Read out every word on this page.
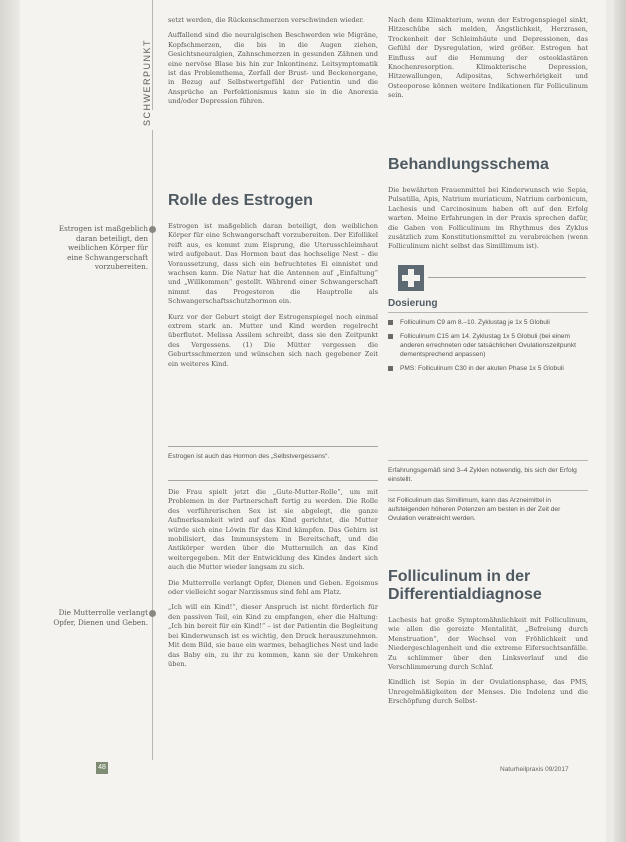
SCHWERPUNKT
Estrogen ist maßgeblich daran beteiligt, den weiblichen Körper für eine Schwangerschaft vorzubereiten.
Die Mutterrolle verlangt Opfer, Dienen und Geben.

setzt werden, die Rückenschmerzen verschwinden wieder.

Auffallend sind die neuralgischen Beschwerden wie Migräne, Kopfschmerzen, die bis in die Augen ziehen, Gesichtsneuralgien, Zahnschmerzen in gesunden Zähnen und eine nervöse Blase bis hin zur Inkontinenz. Leitsymptomatik ist das Problemthema, Zerfall der Brust- und Beckenorgane, in Bezug auf Selbstwertgefühl der Patientin und die Ansprüche an Perfektionismus kann sie in die Anorexia und/oder Depression führen.

Rolle des Estrogen

Estrogen ist maßgeblich daran beteiligt, den weiblichen Körper für eine Schwangerschaft vorzubereiten. Der Eifollikel reift aus, es kommt zum Eisprung, die Uterusschleimhaut wird aufgebaut. Das Hormon baut das hochselige Nest – die Voraussetzung, dass sich ein befruchtetes Ei einnistet und wachsen kann. Die Natur hat die Antennen auf „Einfaltung“ und „Willkommen“ gestellt. Während einer Schwangerschaft nimmt das Progesteron die Hauptrolle als Schwangerschaftsschutzhormon ein.

Kurz vor der Geburt steigt der Estrogenspiegel noch einmal extrem stark an. Mutter und Kind werden regelrecht überflutet. Melissa Assilem schreibt, dass sie den Zeitpunkt des Vergessens. (1) Die Mütter vergessen die Geburtsschmerzen und wünschen sich nach gegebener Zeit ein weiteres Kind.

Estrogen ist auch das Hormon des „Selbstvergessens“.

Die Frau spielt jetzt die „Gute-Mutter-Rolle“, um mit Problemen in der Partnerschaft fertig zu werden. Die Rolle des verführerischen Sex ist sie abgelegt, die ganze Aufmerksamkeit wird auf das Kind gerichtet, die Mutter würde sich eine Löwin für das Kind kämpfen. Das Gehirn ist mobilisiert, das Immunsystem in Bereitschaft, und die Antikörper werden über die Muttermilch an das Kind weitergegeben. Mit der Entwicklung des Kindes ändert sich auch die Mutter wieder langsam zu sich.

Die Mutterrolle verlangt Opfer, Dienen und Geben. Egoismus oder vielleicht sogar Narzissmus sind fehl am Platz.

„Ich will ein Kind!“, dieser Anspruch ist nicht förderlich für den passiven Teil, ein Kind zu empfangen, eher die Haltung: „Ich bin bereit für ein Kind!“ – ist der Patientin die Begleitung bei Kinderwunsch ist es wichtig, den Druck herauszunehmen. Mit dem Bild, sie baue ein warmes, behagliches Nest und lade das Baby ein, zu ihr zu kommen, kann sie der Umkehren üben.

Nach dem Klimakterium, wenn der Estrogenspiegel sinkt, Hitzeschübe sich melden, Ängstlichkeit, Herzrasen, Trockenheit der Schleimhäute und Depressionen, das Gefühl der Dysregulation, wird größer. Estrogen hat Einfluss auf die Hemmung der osteoklastären Knochenresorption. Klimakterische Depression, Hitzewallungen, Adipositas, Schwerhörigkeit und Osteoporose können weitere Indikationen für Folliculinum sein.

Behandlungsschema

Die bewährten Frauenmittel bei Kinderwunsch wie Sepia, Pulsatilla, Apis, Natrium muriaticum, Natrium carbonicum, Lachesis und Carcinosinum haben oft auf den Erfolg warten. Meine Erfahrungen in der Praxis sprechen dafür, die Gaben von Folliculinum im Rhythmus des Zyklus zusätzlich zum Konstitutionsmittel zu verabreichen (wenn Folliculinum nicht selbst das Simillimum ist).

Dosierung
Folliculinum C9 am 8.–10. Zyklustag je 1x 5 Globuli
Folliculinum C15 am 14. Zyklustag 1x 5 Globuli (bei einem anderen errechneten oder tatsächlichen Ovulationszeitpunkt dementsprechend anpassen)
PMS: Folliculinum C30 in der akuten Phase 1x 5 Globuli
Erfahrungsgemäß sind 3–4 Zyklen notwendig, bis sich der Erfolg einstellt.
Ist Folliculinum das Simillimum, kann das Arzneimittel in aufsteigenden höheren Potenzen am besten in der Zeit der Ovulation verabreicht werden.
Folliculinum in der Differentialdiagnose

Lachesis hat große Symptomähnlichkeit mit Folliculinum, wie allen die gereizte Mentalität, „Befreiung durch Menstruation“, der Wechsel von Fröhlichkeit und Niedergeschlagenheit und die extreme Eifersuchtsanfälle. Zu schlimmer über den Linksverlauf und die Verschlimmerung durch Schlaf.

Kindlich ist Sepia in der Ovulationsphase, das PMS, Unregelmäßigkeiten der Menses. Die Indolenz und die Erschöpfung durch Selbst-

48	Naturheilpraxis 09/2017
